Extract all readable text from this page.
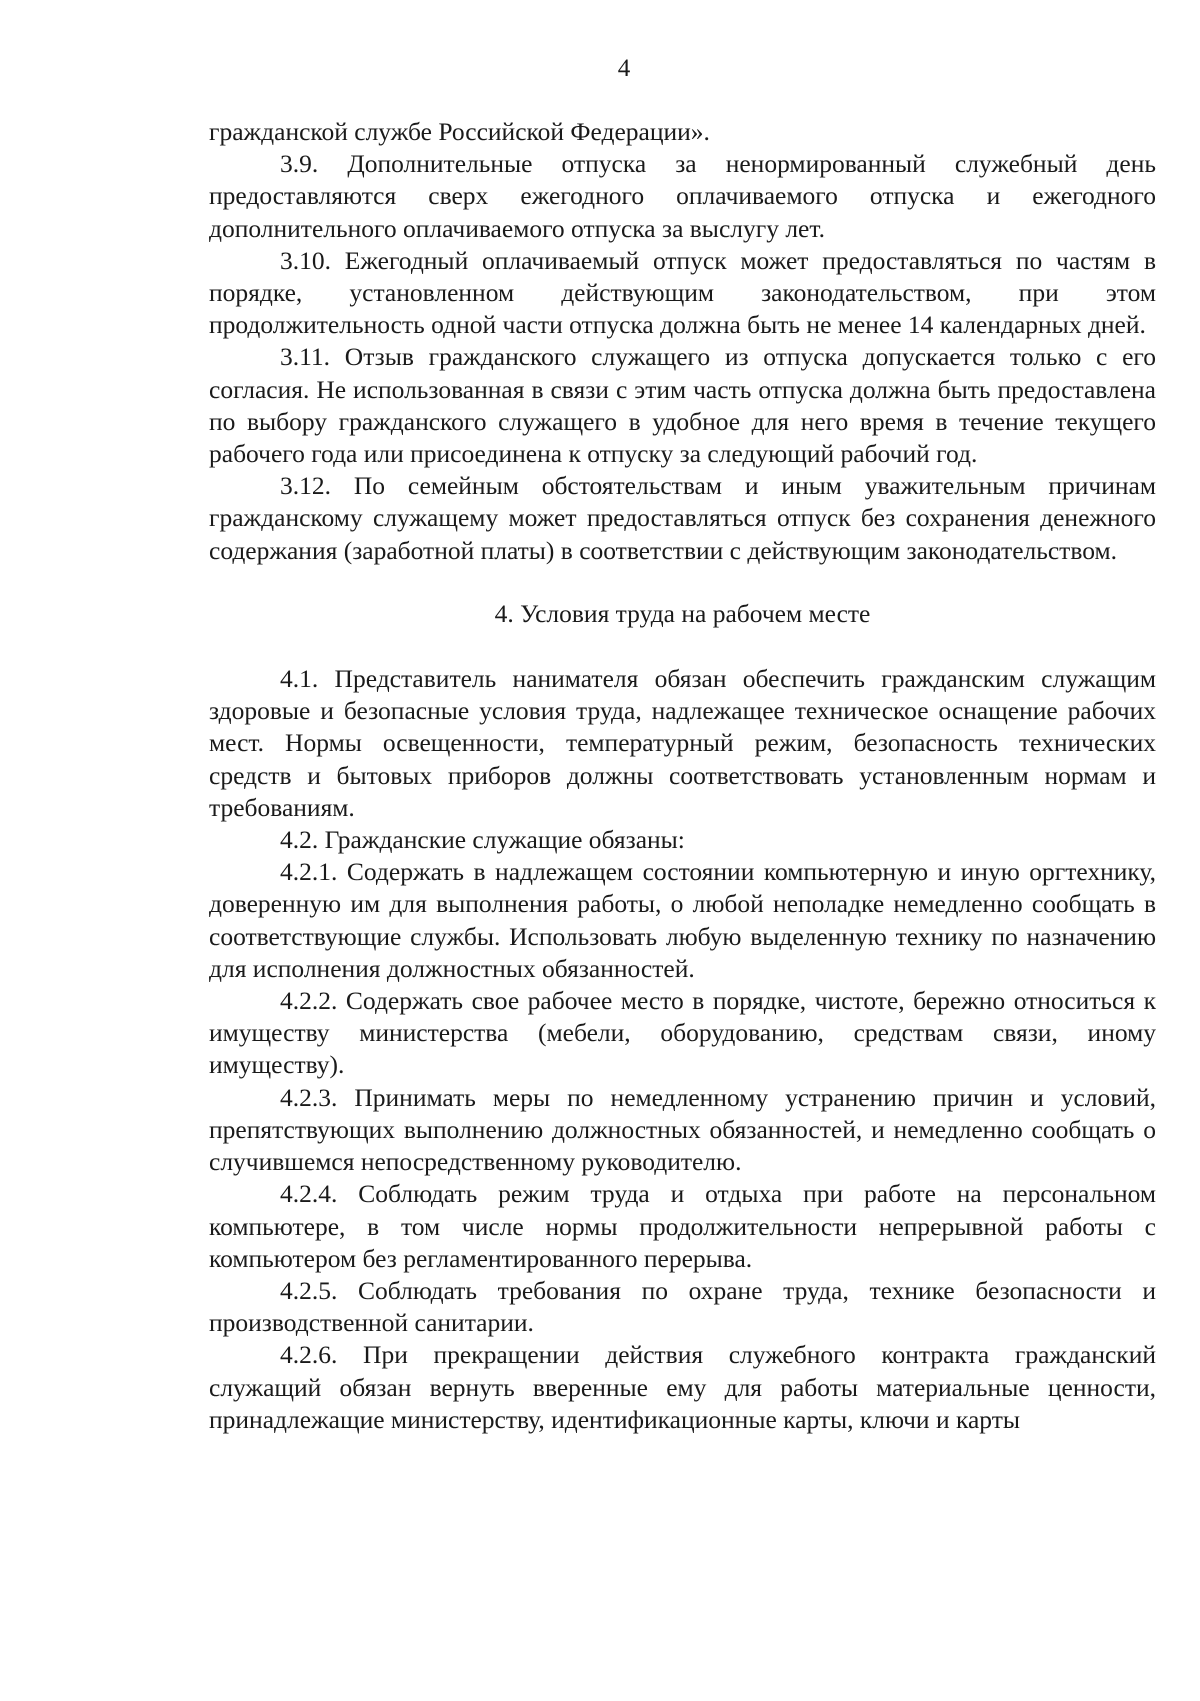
4

гражданской службе Российской Федерации».

3.9. Дополнительные отпуска за ненормированный служебный день предоставляются сверх ежегодного оплачиваемого отпуска и ежегодного дополнительного оплачиваемого отпуска за выслугу лет.

3.10. Ежегодный оплачиваемый отпуск может предоставляться по частям в порядке, установленном действующим законодательством, при этом продолжительность одной части отпуска должна быть не менее 14 календарных дней.

3.11. Отзыв гражданского служащего из отпуска допускается только с его согласия. Не использованная в связи с этим часть отпуска должна быть предоставлена по выбору гражданского служащего в удобное для него время в течение текущего рабочего года или присоединена к отпуску за следующий рабочий год.

3.12. По семейным обстоятельствам и иным уважительным причинам гражданскому служащему может предоставляться отпуск без сохранения денежного содержания (заработной платы) в соответствии с действующим законодательством.

4. Условия труда на рабочем месте

4.1. Представитель нанимателя обязан обеспечить гражданским служащим здоровые и безопасные условия труда, надлежащее техническое оснащение рабочих мест. Нормы освещенности, температурный режим, безопасность технических средств и бытовых приборов должны соответствовать установленным нормам и требованиям.

4.2. Гражданские служащие обязаны:

4.2.1. Содержать в надлежащем состоянии компьютерную и иную оргтехнику, доверенную им для выполнения работы, о любой неполадке немедленно сообщать в соответствующие службы. Использовать любую выделенную технику по назначению для исполнения должностных обязанностей.

4.2.2. Содержать свое рабочее место в порядке, чистоте, бережно относиться к имуществу министерства (мебели, оборудованию, средствам связи, иному имуществу).

4.2.3. Принимать меры по немедленному устранению причин и условий, препятствующих выполнению должностных обязанностей, и немедленно сообщать о случившемся непосредственному руководителю.

4.2.4. Соблюдать режим труда и отдыха при работе на персональном компьютере, в том числе нормы продолжительности непрерывной работы с компьютером без регламентированного перерыва.

4.2.5. Соблюдать требования по охране труда, технике безопасности и производственной санитарии.

4.2.6. При прекращении действия служебного контракта гражданский служащий обязан вернуть вверенные ему для работы материальные ценности, принадлежащие министерству, идентификационные карты, ключи и карты
